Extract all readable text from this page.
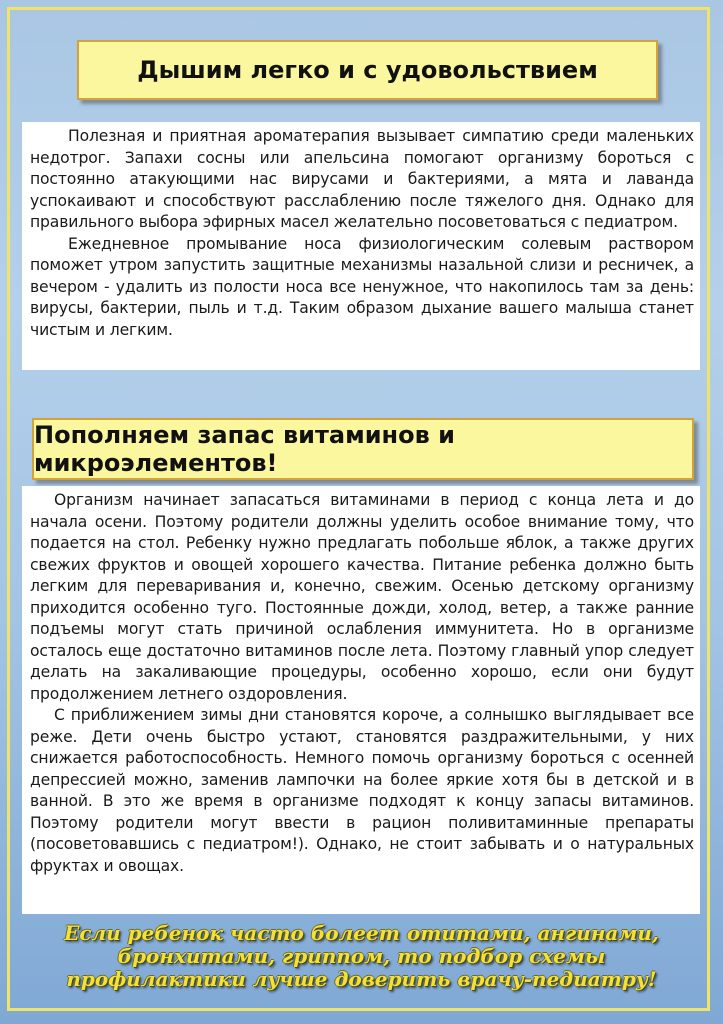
Дышим легко и с удовольствием

Полезная и приятная ароматерапия вызывает симпатию среди маленьких недотрог. Запахи сосны или апельсина помогают организму бороться с постоянно атакующими нас вирусами и бактериями, а мята и лаванда успокаивают и способствуют расслаблению после тяжелого дня. Однако для правильного выбора эфирных масел желательно посоветоваться с педиатром.

Ежедневное промывание носа физиологическим солевым раствором поможет утром запустить защитные механизмы назальной слизи и ресничек, а вечером - удалить из полости носа все ненужное, что накопилось там за день: вирусы, бактерии, пыль и т.д. Таким образом дыхание вашего малыша станет чистым и легким.

Пополняем запас витаминов и микроэлементов!

Организм начинает запасаться витаминами в период с конца лета и до начала осени. Поэтому родители должны уделить особое внимание тому, что подается на стол. Ребенку нужно предлагать побольше яблок, а также других свежих фруктов и овощей хорошего качества. Питание ребенка должно быть легким для переваривания и, конечно, свежим. Осенью детскому организму приходится особенно туго. Постоянные дожди, холод, ветер, а также ранние подъемы могут стать причиной ослабления иммунитета. Но в организме осталось еще достаточно витаминов после лета. Поэтому главный упор следует делать на закаливающие процедуры, особенно хорошо, если они будут продолжением летнего оздоровления.

С приближением зимы дни становятся короче, а солнышко выглядывает все реже. Дети очень быстро устают, становятся раздражительными, у них снижается работоспособность. Немного помочь организму бороться с осенней депрессией можно, заменив лампочки на более яркие хотя бы в детской и в ванной. В это же время в организме подходят к концу запасы витаминов. Поэтому родители могут ввести в рацион поливитаминные препараты (посоветовавшись с педиатром!). Однако, не стоит забывать и о натуральных фруктах и овощах.

Если ребенок часто болеет отитами, ангинами, бронхитами, гриппом, то подбор схемы профилактики лучше доверить врачу-педиатру!
